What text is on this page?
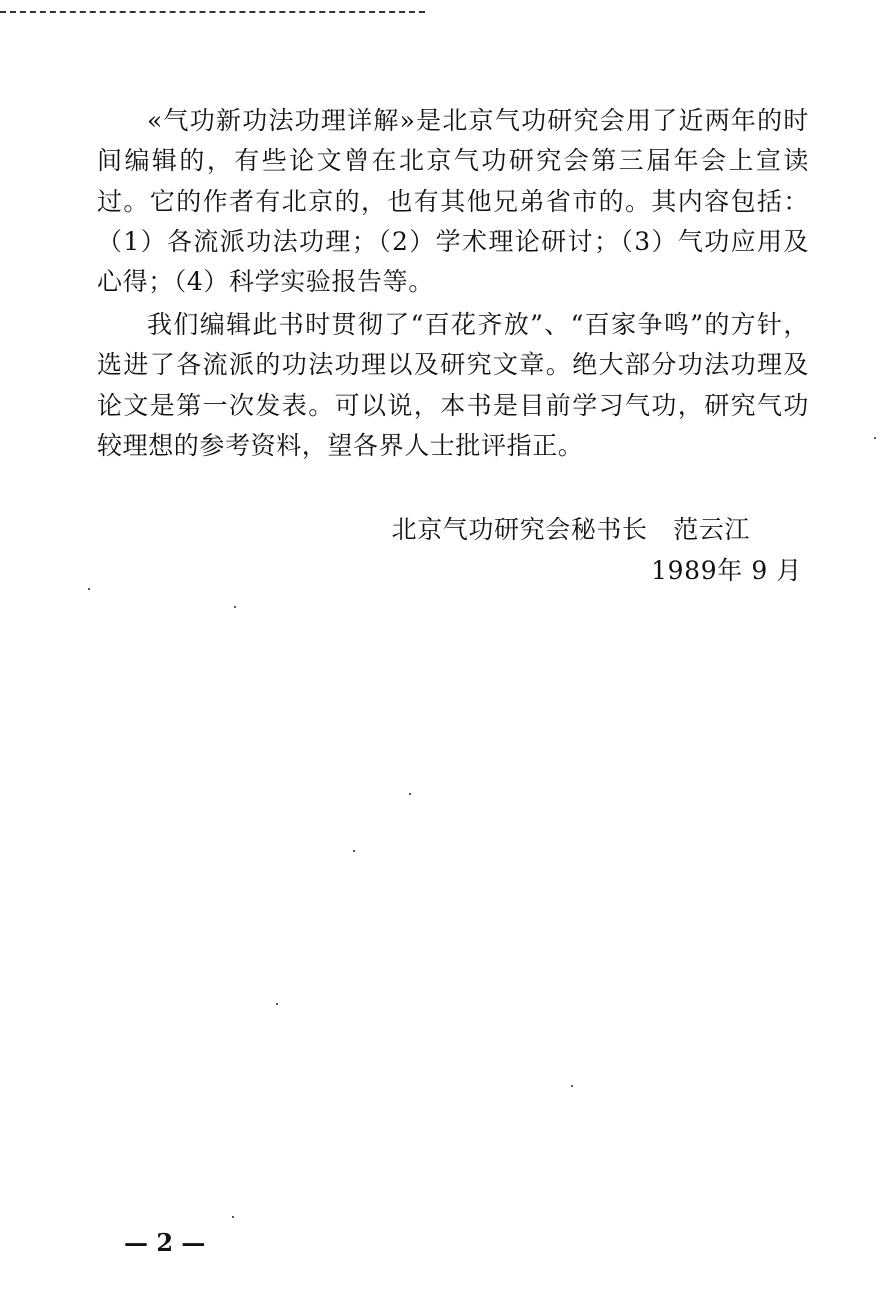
«气功新功法功理详解»是北京气功研究会用了近两年的时间编辑的，有些论文曾在北京气功研究会第三届年会上宣读过。它的作者有北京的，也有其他兄弟省市的。其内容包括：（1）各流派功法功理；（2）学术理论研讨；（3）气功应用及心得；（4）科学实验报告等。

我们编辑此书时贯彻了“百花齐放”、“百家争鸣”的方针，选进了各流派的功法功理以及研究文章。绝大部分功法功理及论文是第一次发表。可以说，本书是目前学习气功，研究气功较理想的参考资料，望各界人士批评指正。

北京气功研究会秘书长　范云江
1989年 9 月
— 2 —
